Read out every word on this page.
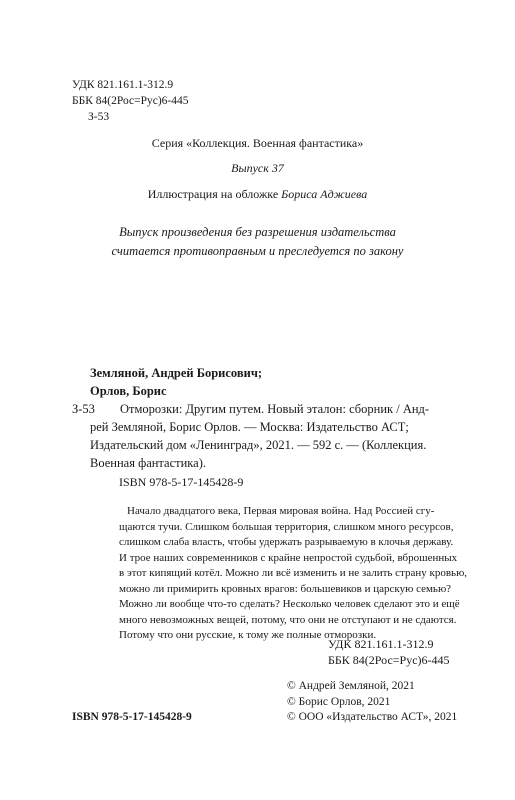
УДК 821.161.1-312.9
ББК 84(2Рос=Рус)6-445
З-53
Серия «Коллекция. Военная фантастика»
Выпуск 37
Иллюстрация на обложке Бориса Аджиева
Выпуск произведения без разрешения издательства
считается противоправным и преследуется по закону
Земляной, Андрей Борисович;
Орлов, Борис
З-53	Отморозки: Другим путем. Новый эталон: сборник / Анд-
рей Земляной, Борис Орлов. — Москва: Издательство АСТ;
Издательский дом «Ленинград», 2021. — 592 с. — (Коллекция.
Военная фантастика).
ISBN 978-5-17-145428-9
Начало двадцатого века, Первая мировая война. Над Россией сгу-
щаются тучи. Слишком большая территория, слишком много ресурсов,
слишком слаба власть, чтобы удержать разрываемую в клочья державу.
И трое наших современников с крайне непростой судьбой, вброшенных
в этот кипящий котёл. Можно ли всё изменить и не залить страну кровью,
можно ли примирить кровных врагов: большевиков и царскую семью?
Можно ли вообще что-то сделать? Несколько человек сделают это и ещё
много невозможных вещей, потому, что они не отступают и не сдаются.
Потому что они русские, к тому же полные отморозки.
УДК 821.161.1-312.9
ББК 84(2Рос=Рус)6-445
© Андрей Земляной, 2021
© Борис Орлов, 2021
© ООО «Издательство АСТ», 2021
ISBN 978-5-17-145428-9
